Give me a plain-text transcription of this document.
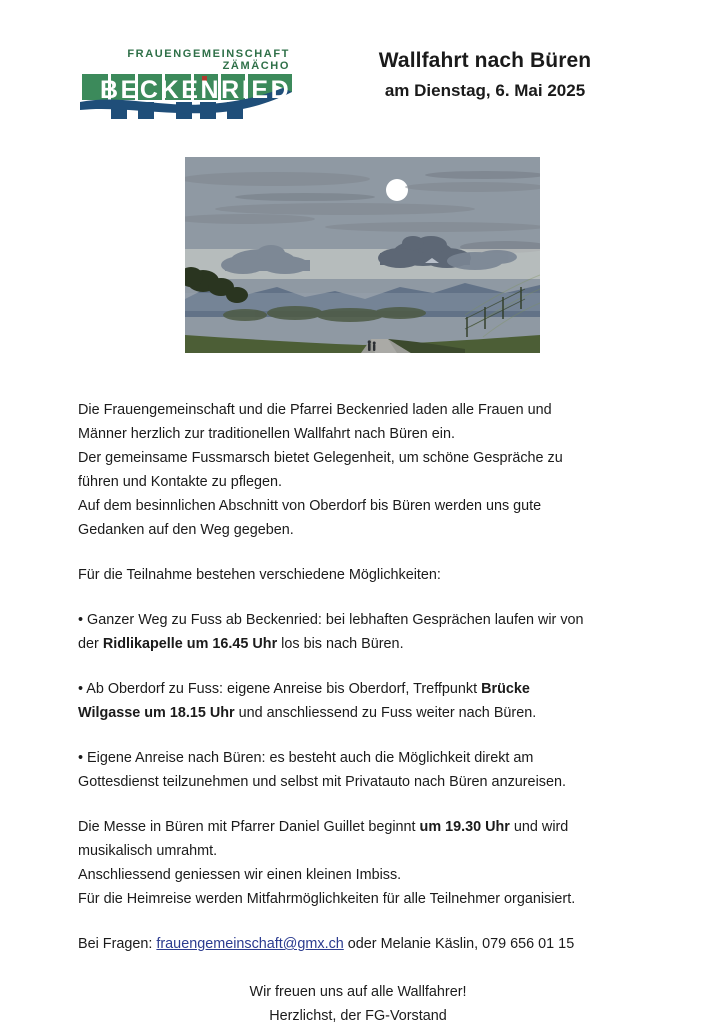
FRAUENGEMEINSCHAFT
ZÄMÄCHO
BECKENRIED
Wallfahrt nach Büren
am Dienstag, 6. Mai 2025

Die Frauengemeinschaft und die Pfarrei Beckenried laden alle Frauen und
Männer herzlich zur traditionellen Wallfahrt nach Büren ein.
Der gemeinsame Fussmarsch bietet Gelegenheit, um schöne Gespräche zu
führen und Kontakte zu pflegen.
Auf dem besinnlichen Abschnitt von Oberdorf bis Büren werden uns gute
Gedanken auf den Weg gegeben.

Für die Teilnahme bestehen verschiedene Möglichkeiten:

• Ganzer Weg zu Fuss ab Beckenried: bei lebhaften Gesprächen laufen wir von
der Ridlikapelle um 16.45 Uhr los bis nach Büren.

• Ab Oberdorf zu Fuss: eigene Anreise bis Oberdorf, Treffpunkt Brücke
Wilgasse um 18.15 Uhr und anschliessend zu Fuss weiter nach Büren.

• Eigene Anreise nach Büren: es besteht auch die Möglichkeit direkt am
Gottesdienst teilzunehmen und selbst mit Privatauto nach Büren anzureisen.

Die Messe in Büren mit Pfarrer Daniel Guillet beginnt um 19.30 Uhr und wird
musikalisch umrahmt.
Anschliessend geniessen wir einen kleinen Imbiss.
Für die Heimreise werden Mitfahrmöglichkeiten für alle Teilnehmer organisiert.

Bei Fragen: frauengemeinschaft@gmx.ch oder Melanie Käslin, 079 656 01 15

Wir freuen uns auf alle Wallfahrer!
Herzlichst, der FG-Vorstand
